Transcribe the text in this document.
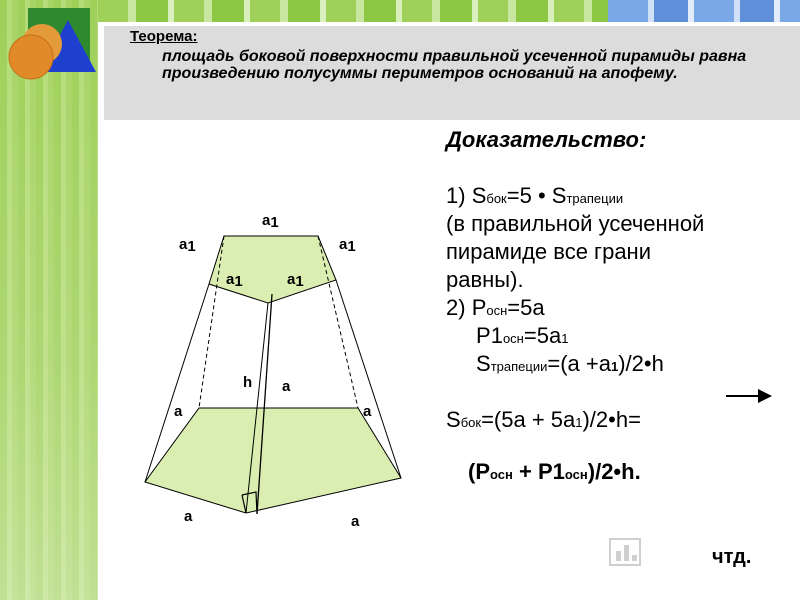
Теорема:
площадь боковой поверхности правильной усеченной пирамиды равна произведению полусуммы периметров оснований на апофему.
a1
a1	a1
a1	a1
h a
a	a
a	a
Доказательство:
1) Sбок=5 • Sтрапеции
(в правильной усеченной
пирамиде все грани
равны).
2) Pосн=5a
P1осн=5a1
Sтрапеции=(a +a1)/2•h
Sбок=(5a + 5a1)/2•h=
(Pосн + P1осн)/2•h.
чтд.
